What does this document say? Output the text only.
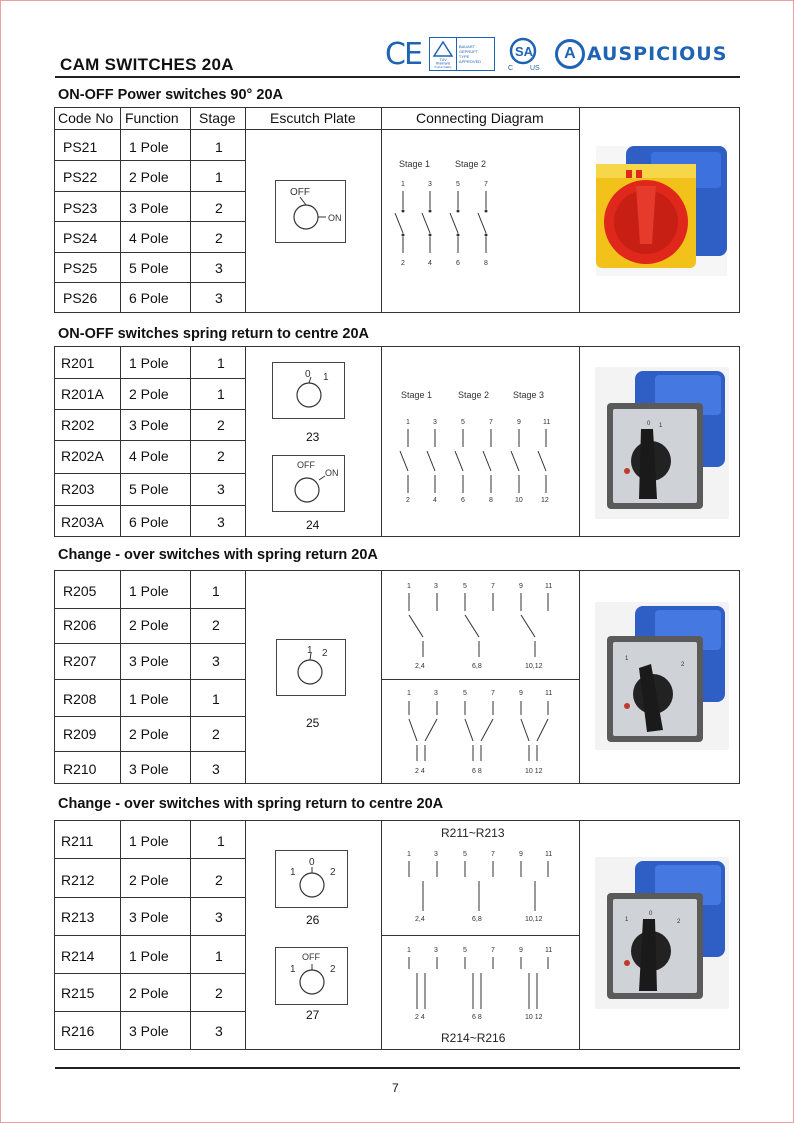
CAM SWITCHES 20A	CE	TÜV
Rheinland
Product Safety
BAUART
GEPRUFT
TYPE
APPROVED
SA
C US
A AUSPICIOUS
ON-OFF Power switches 90° 20A
Code No Function Stage Escutch Plate	Connecting Diagram
PS21 1 Pole	1
PS22 2 Pole	1
PS23 3 Pole	2
PS24 4 Pole	2
PS25 5 Pole	3
PS26 6 Pole	3
OFF
ON
Stage 1	Stage 2
1	3	5	7
2	4	6	8
ON-OFF switches spring return to centre 20A
R201 1 Pole	1
R201A 2 Pole	1
R202 3 Pole	2
R202A 4 Pole	2
R203 5 Pole	3
R203A 6 Pole	3
0 1
23
OFF
ON
24
Stage 1	Stage 2	Stage 3
1	3	5	7	9	11
2	4	6	8	10	12
0 1
Change - over switches with spring return 20A
R205 1 Pole	1
R206 2 Pole	2
R207 3 Pole	3
R208 1 Pole	1
R209 2 Pole	2
R210 3 Pole	3
1 2
25
1	3	5	7	9	11
2,4	6,8	10,12
1	3	5	7	9	11
2 4	6 8	10 12
1
2
Change - over switches with spring return to centre 20A
R211	1 Pole	1
R212 2 Pole	2
R213 3 Pole	3
R214 1 Pole	1
R215 2 Pole	2
R216 3 Pole	3
1
0
2
26
OFF
1	2
27
R211~R213
1	3	5	7	9	11
2,4	6,8	10,12
1	3	5	7	9	11
2 4	6 8	10 12
R214~R216
1
0
2
7
